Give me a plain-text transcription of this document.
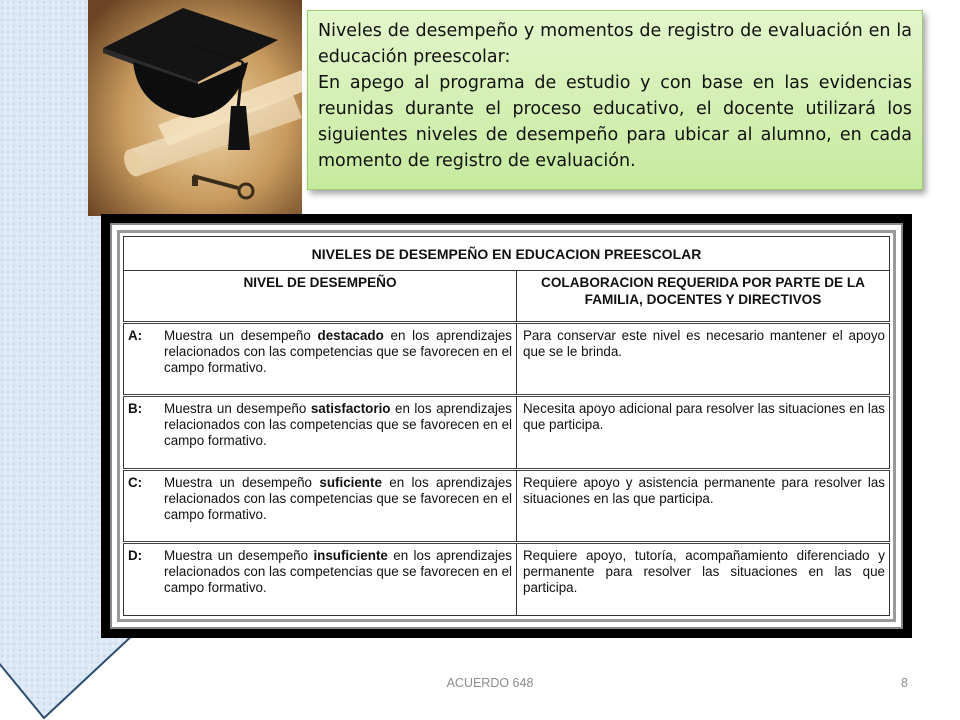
Niveles de desempeño y momentos de registro de evaluación en la educación preescolar:

En apego al programa de estudio y con base en las evidencias reunidas durante el proceso educativo, el docente utilizará los siguientes niveles de desempeño para ubicar al alumno, en cada momento de registro de evaluación.

NIVELES DE DESEMPEÑO EN EDUCACION PREESCOLAR		
NIVEL DE DESEMPEÑO		COLABORACION REQUERIDA POR PARTE DE LA FAMILIA, DOCENTES Y DIRECTIVOS
A:	Muestra un desempeño destacado en los aprendizajes relacionados con las competencias que se favorecen en el campo formativo.	Para conservar este nivel es necesario mantener el apoyo que se le brinda.
B:	Muestra un desempeño satisfactorio en los aprendizajes relacionados con las competencias que se favorecen en el campo formativo.	Necesita apoyo adicional para resolver las situaciones en las que participa.
C:	Muestra un desempeño suficiente en los aprendizajes relacionados con las competencias que se favorecen en el campo formativo.	Requiere apoyo y asistencia permanente para resolver las situaciones en las que participa.
D:	Muestra un desempeño insuficiente en los aprendizajes relacionados con las competencias que se favorecen en el campo formativo.	Requiere apoyo, tutoría, acompañamiento diferenciado y permanente para resolver las situaciones en las que participa.
ACUERDO 648	8
